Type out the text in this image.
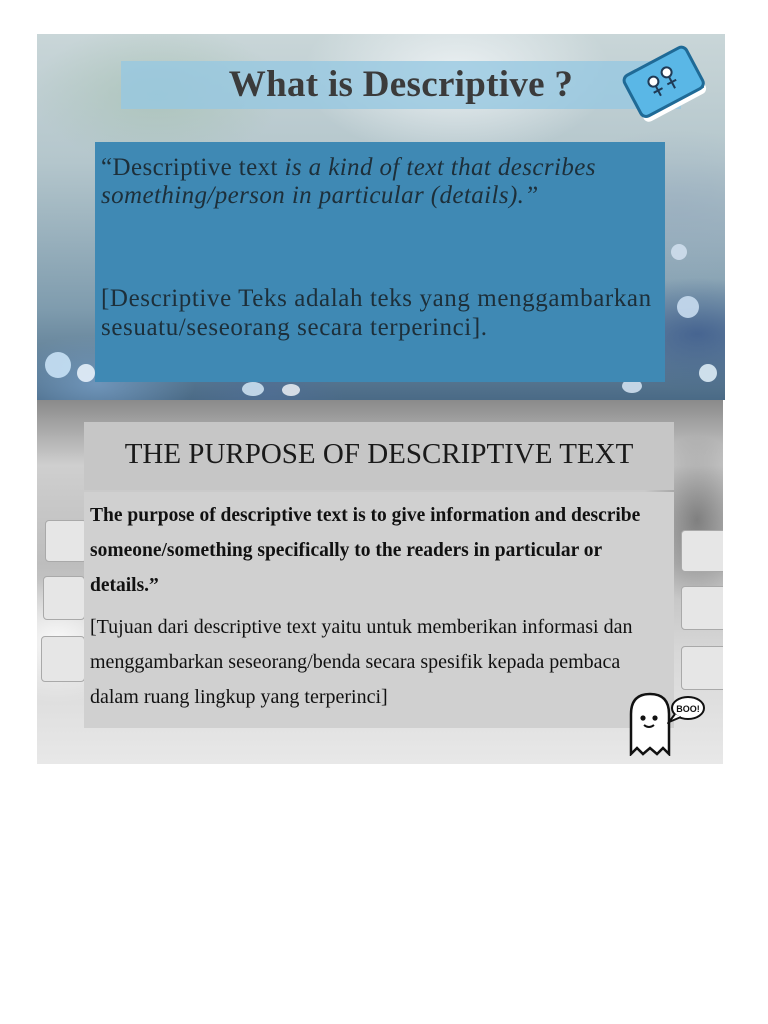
What is Descriptive ?
“Descriptive text is a kind of text that describes something/person in particular (details).”
[Descriptive Teks adalah teks yang menggambarkan sesuatu/seseorang secara terperinci].
THE PURPOSE OF DESCRIPTIVE TEXT
The purpose of descriptive text is to give information and describe someone/something specifically to the readers in particular or details.”
[Tujuan dari descriptive text yaitu untuk memberikan informasi dan menggambarkan seseorang/benda secara spesifik kepada pembaca dalam ruang lingkup yang terperinci]
BOO!
